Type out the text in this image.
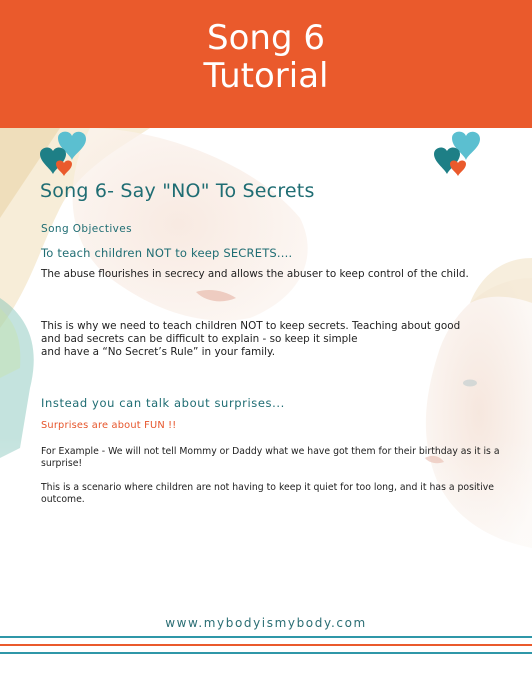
Song 6
Tutorial
Song 6- Say "NO" To Secrets
Song Objectives
To teach children NOT to keep SECRETS....
The abuse flourishes in secrecy and allows the abuser to keep control of the child.
This is why we need to teach children NOT to keep secrets. Teaching about good
and bad secrets can be difficult to explain - so keep it simple
and have a “No Secret’s Rule” in your family.
Instead you can talk about surprises...
Surprises are about FUN !!
For Example - We will not tell Mommy or Daddy what we have got them for their birthday as it is a surprise!
This is a scenario where children are not having to keep it quiet for too long, and it has a positive outcome.
www.mybodyismybody.com
